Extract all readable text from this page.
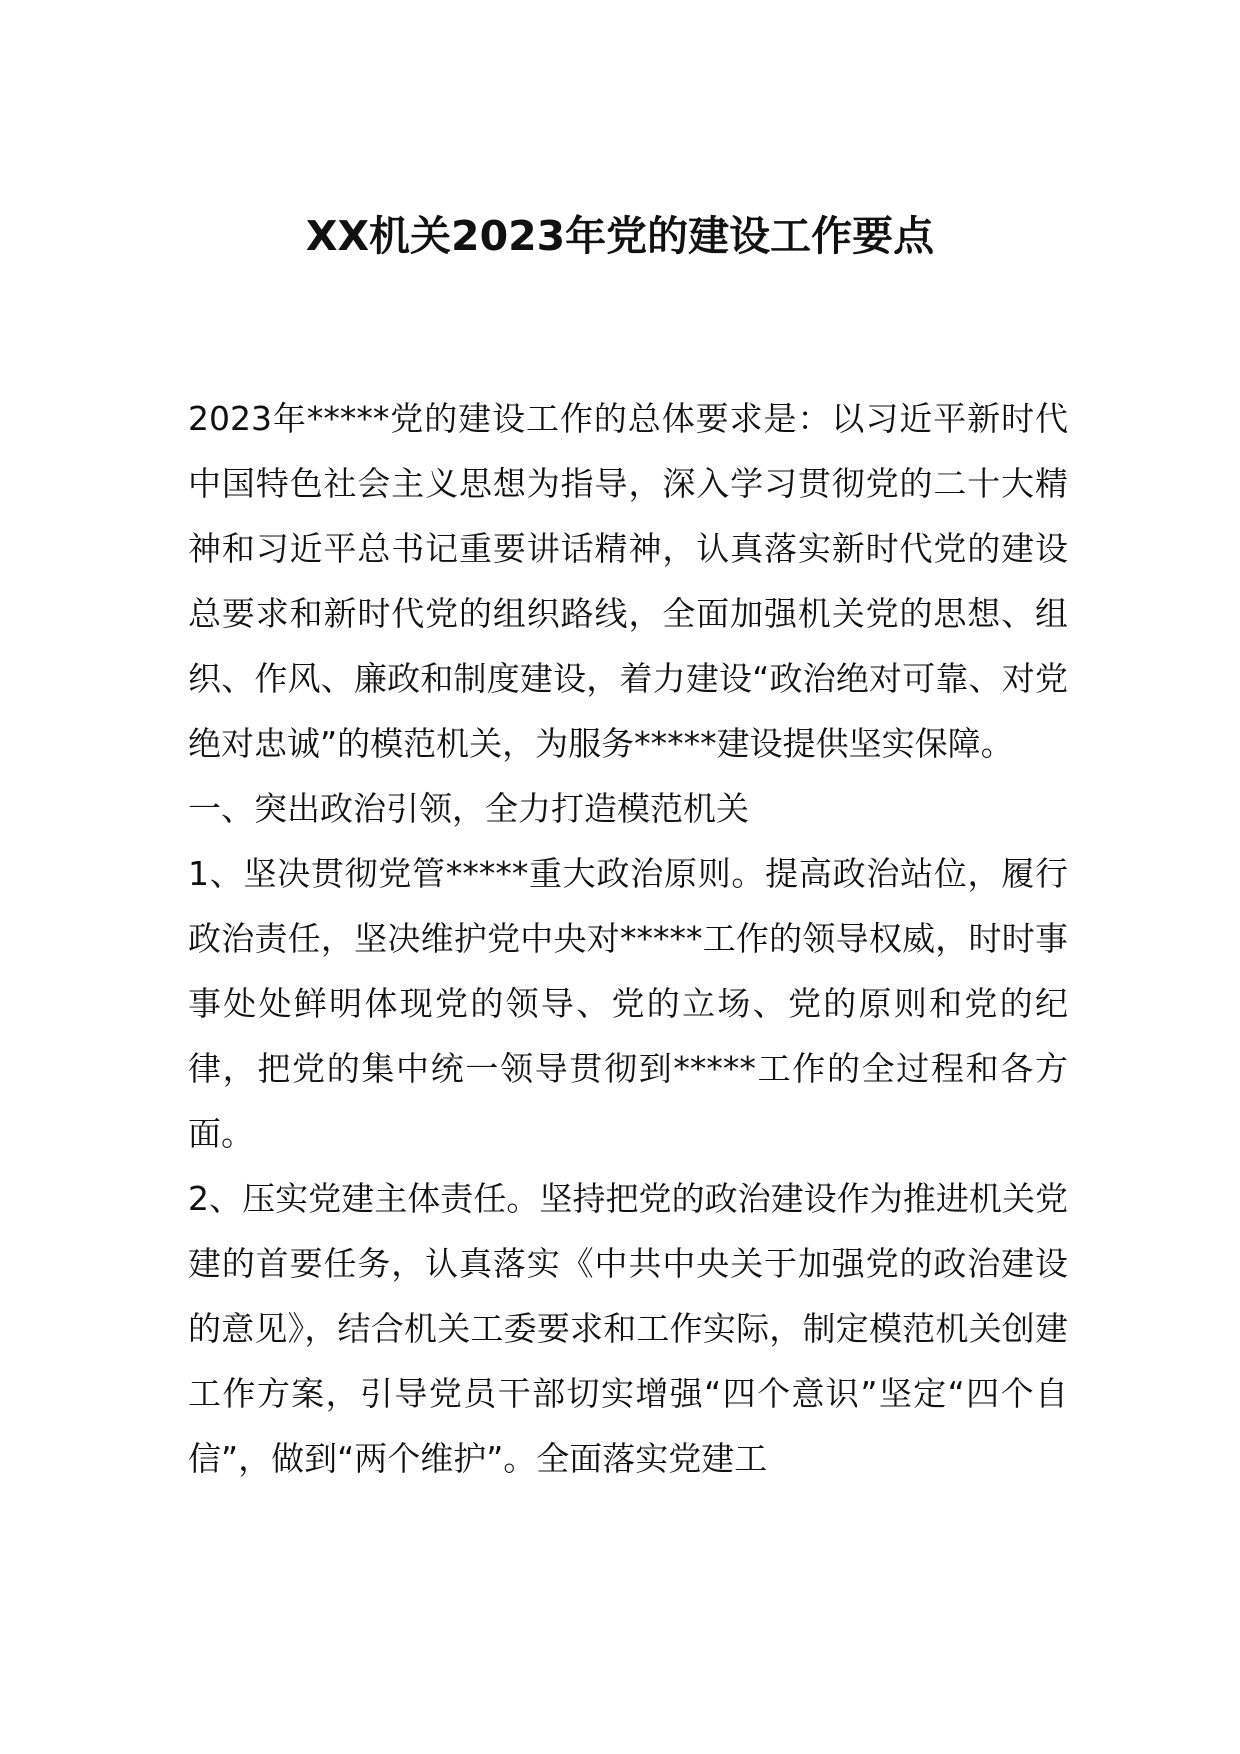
XX机关2023年党的建设工作要点

2023年*****党的建设工作的总体要求是：以习近平新时代中国特色社会主义思想为指导，深入学习贯彻党的二十大精神和习近平总书记重要讲话精神，认真落实新时代党的建设总要求和新时代党的组织路线，全面加强机关党的思想、组织、作风、廉政和制度建设，着力建设“政治绝对可靠、对党绝对忠诚”的模范机关，为服务*****建设提供坚实保障。

一、突出政治引领，全力打造模范机关

1、坚决贯彻党管*****重大政治原则。提高政治站位，履行政治责任，坚决维护党中央对*****工作的领导权威，时时事事处处鲜明体现党的领导、党的立场、党的原则和党的纪律，把党的集中统一领导贯彻到*****工作的全过程和各方面。

2、压实党建主体责任。坚持把党的政治建设作为推进机关党建的首要任务，认真落实《中共中央关于加强党的政治建设的意见》，结合机关工委要求和工作实际，制定模范机关创建工作方案，引导党员干部切实增强“四个意识”坚定“四个自信”，做到“两个维护”。全面落实党建工
